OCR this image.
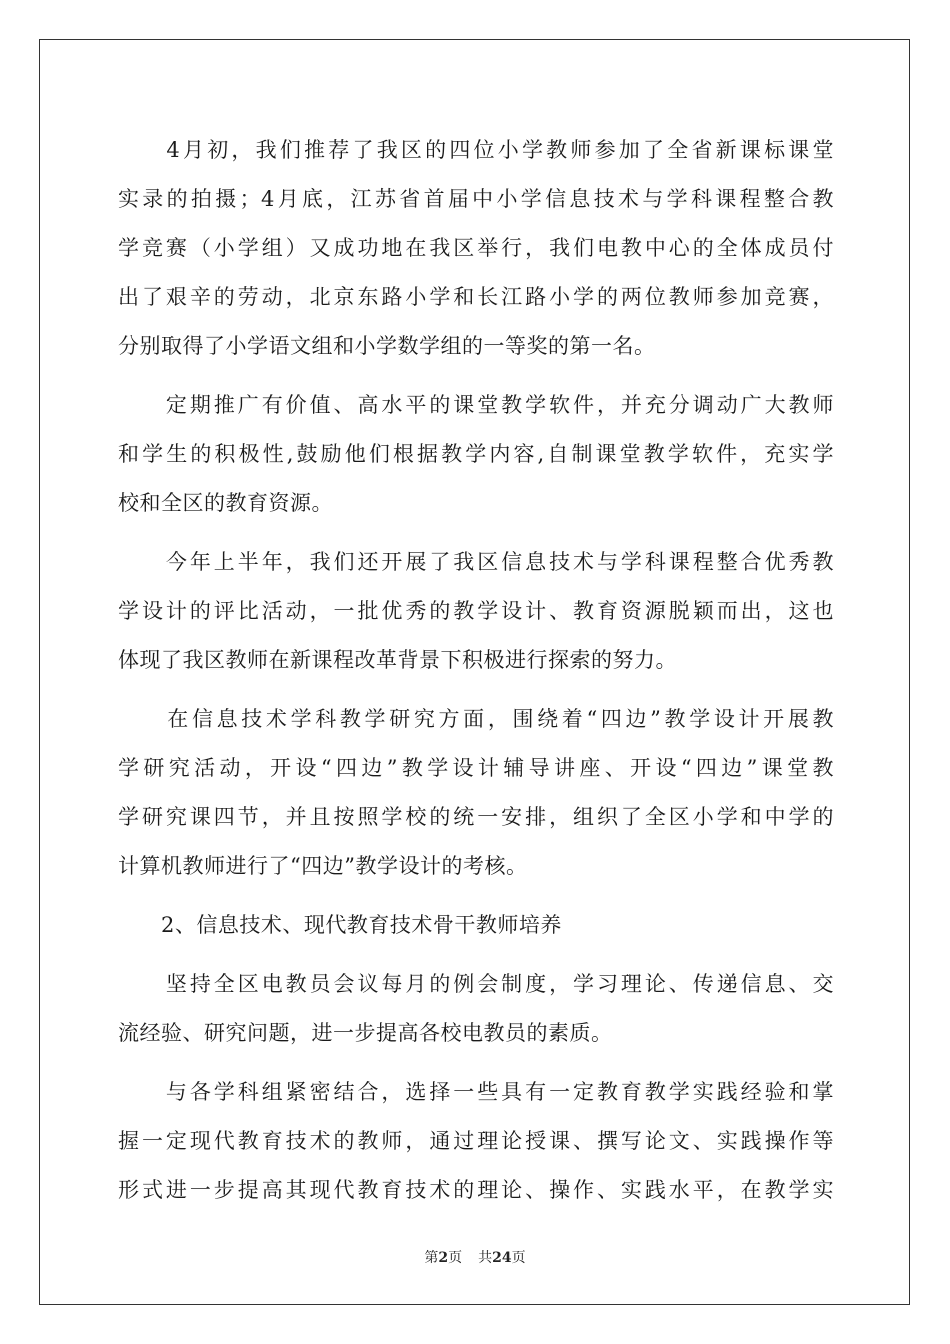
　　4月初，我们推荐了我区的四位小学教师参加了全省新课标课堂
实录的拍摄；4月底，江苏省首届中小学信息技术与学科课程整合教
学竞赛（小学组）又成功地在我区举行，我们电教中心的全体成员付
出了艰辛的劳动，北京东路小学和长江路小学的两位教师参加竞赛，
分别取得了小学语文组和小学数学组的一等奖的第一名。
　　定期推广有价值、高水平的课堂教学软件，并充分调动广大教师
和学生的积极性,鼓励他们根据教学内容,自制课堂教学软件，充实学
校和全区的教育资源。
　　今年上半年，我们还开展了我区信息技术与学科课程整合优秀教
学设计的评比活动，一批优秀的教学设计、教育资源脱颖而出，这也
体现了我区教师在新课程改革背景下积极进行探索的努力。
　　在信息技术学科教学研究方面，围绕着“四边”教学设计开展教
学研究活动，开设“四边”教学设计辅导讲座、开设“四边”课堂教
学研究课四节，并且按照学校的统一安排，组织了全区小学和中学的
计算机教师进行了“四边”教学设计的考核。
　　2、信息技术、现代教育技术骨干教师培养
　　坚持全区电教员会议每月的例会制度，学习理论、传递信息、交
流经验、研究问题，进一步提高各校电教员的素质。
　　与各学科组紧密结合，选择一些具有一定教育教学实践经验和掌
握一定现代教育技术的教师，通过理论授课、撰写论文、实践操作等
形式进一步提高其现代教育技术的理论、操作、实践水平，在教学实
第2页 共24页
